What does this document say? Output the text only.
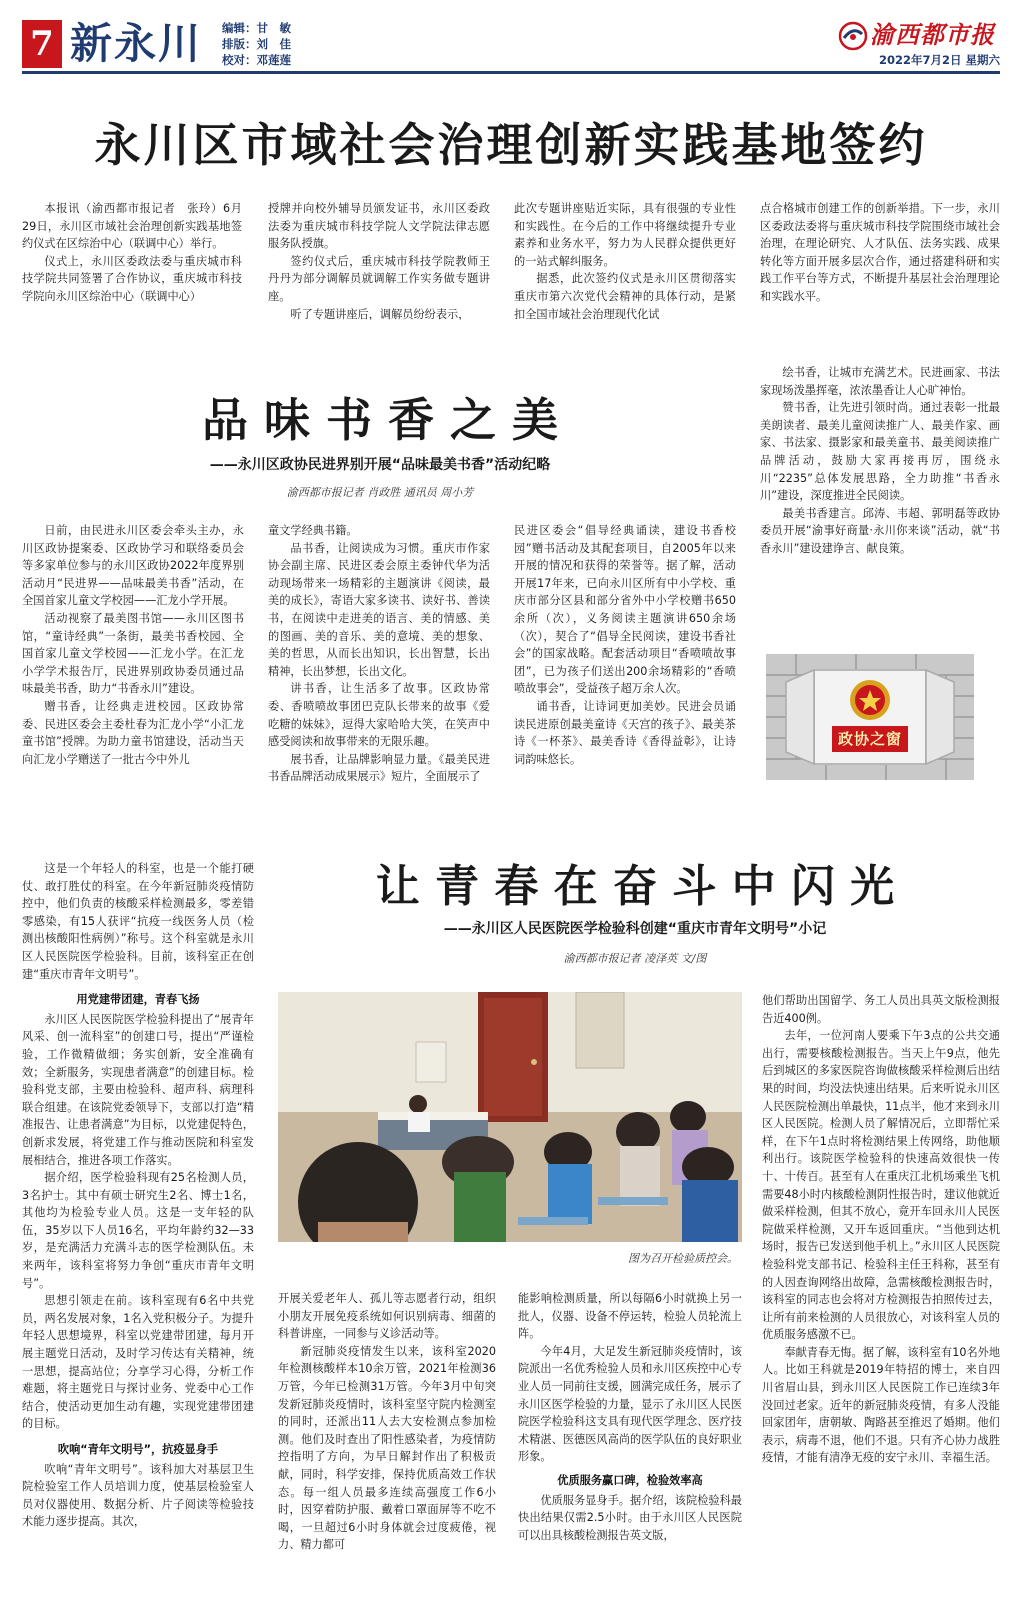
7 新永川 编辑：甘　敏
排版：刘　佳
校对：邓莲莲
渝西都市报
2022年7月2日 星期六
永川区市域社会治理创新实践基地签约

本报讯（渝西都市报记者　张玲）6月29日，永川区市域社会治理创新实践基地签约仪式在区综治中心（联调中心）举行。

仪式上，永川区委政法委与重庆城市科技学院共同签署了合作协议，重庆城市科技学院向永川区综治中心（联调中心）

授牌并向校外辅导员颁发证书，永川区委政法委为重庆城市科技学院人文学院法律志愿服务队授旗。

签约仪式后，重庆城市科技学院教师王丹丹为部分调解员就调解工作实务做专题讲座。

听了专题讲座后，调解员纷纷表示，

此次专题讲座贴近实际，具有很强的专业性和实践性。在今后的工作中将继续提升专业素养和业务水平，努力为人民群众提供更好的一站式解纠服务。

据悉，此次签约仪式是永川区贯彻落实重庆市第六次党代会精神的具体行动，是紧扣全国市域社会治理现代化试

点合格城市创建工作的创新举措。下一步，永川区委政法委将与重庆城市科技学院围绕市域社会治理，在理论研究、人才队伍、法务实践、成果转化等方面开展多层次合作，通过搭建科研和实践工作平台等方式，不断提升基层社会治理理论和实践水平。

品 味 书 香 之 美
——永川区政协民进界别开展“品味最美书香”活动纪略
渝西都市报记者 肖政胜 通讯员 周小芳

日前，由民进永川区委会牵头主办，永川区政协提案委、区政协学习和联络委员会等多家单位参与的永川区政协2022年度界别活动月“民进界——品味最美书香”活动，在全国首家儿童文学校园——汇龙小学开展。

活动视察了最美图书馆——永川区图书馆，“童诗经典”一条街，最美书香校园、全国首家儿童文学校园——汇龙小学。在汇龙小学学术报告厅，民进界别政协委员通过品味最美书香，助力“书香永川”建设。

赠书香，让经典走进校园。区政协常委、民进区委会主委杜春为汇龙小学“小汇龙童书馆”授牌。为助力童书馆建设，活动当天向汇龙小学赠送了一批古今中外儿

童文学经典书籍。

品书香，让阅读成为习惯。重庆市作家协会副主席、民进区委会原主委钟代华为活动现场带来一场精彩的主题演讲《阅读，最美的成长》，寄语大家多读书、读好书、善读书，在阅读中走进美的语言、美的情感、美的图画、美的音乐、美的意境、美的想象、美的哲思，从而长出知识，长出智慧，长出精神，长出梦想，长出文化。

讲书香，让生活多了故事。区政协常委、香喷喷故事团巴克队长带来的故事《爱吃糖的妹妹》，逗得大家哈哈大笑，在笑声中感受阅读和故事带来的无限乐趣。

展书香，让品牌影响显力量。《最美民进书香品牌活动成果展示》短片，全面展示了

民进区委会“倡导经典诵读，建设书香校园”赠书活动及其配套项目，自2005年以来开展的情况和获得的荣誉等。据了解，活动开展17年来，已向永川区所有中小学校、重庆市部分区县和部分省外中小学校赠书650余所（次），义务阅读主题演讲650余场（次），契合了“倡导全民阅读，建设书香社会”的国家战略。配套活动项目“香喷喷故事团”，已为孩子们送出200余场精彩的“香喷喷故事会”，受益孩子超万余人次。

诵书香，让诗词更加美妙。民进会员诵读民进原创最美童诗《天宫的孩子》、最美茶诗《一杯茶》、最美香诗《香得益彰》，让诗词韵味悠长。

绘书香，让城市充满艺术。民进画家、书法家现场泼墨挥毫，浓浓墨香让人心旷神怡。

赞书香，让先进引领时尚。通过表彰一批最美朗读者、最美儿童阅读推广人、最美作家、画家、书法家、摄影家和最美童书、最美阅读推广品牌活动，鼓励大家再接再厉，围绕永川“2235”总体发展思路，全力助推“书香永川”建设，深度推进全民阅读。

最美书香建言。邱涛、韦超、郭明磊等政协委员开展“渝事好商量·永川你来谈”活动，就“书香永川”建设建诤言、献良策。

政协之窗
让 青 春 在 奋 斗 中 闪 光
——永川区人民医院医学检验科创建“重庆市青年文明号”小记
渝西都市报记者 凌泽英 文/图
图为召开检验质控会。

这是一个年轻人的科室，也是一个能打硬仗、敢打胜仗的科室。在今年新冠肺炎疫情防控中，他们负责的核酸采样检测最多，零差错零感染，有15人获评“抗疫一线医务人员（检测出核酸阳性病例）”称号。这个科室就是永川区人民医院医学检验科。目前，该科室正在创建“重庆市青年文明号”。

用党建带团建，青春飞扬

永川区人民医院医学检验科提出了“展青年风采、创一流科室”的创建口号，提出“严谨检验，工作微精做细；务实创新，安全准确有效；全新服务，实现患者满意”的创建目标。检验科党支部，主要由检验科、超声科、病理科联合组建。在该院党委领导下，支部以打造“精准报告、让患者满意”为目标，以党建促特色，创新求发展，将党建工作与推动医院和科室发展相结合，推进各项工作落实。

据介绍，医学检验科现有25名检测人员，3名护士。其中有硕士研究生2名、博士1名，其他均为检验专业人员。这是一支年轻的队伍，35岁以下人员16名，平均年龄约32—33岁，是充满活力充满斗志的医学检测队伍。未来两年，该科室将努力争创“重庆市青年文明号”。

思想引领走在前。该科室现有6名中共党员，两名发展对象，1名入党积极分子。为提升年轻人思想境界，科室以党建带团建，每月开展主题党日活动，及时学习传达有关精神，统一思想，提高站位；分享学习心得，分析工作难题，将主题党日与探讨业务、党委中心工作结合，使活动更加生动有趣，实现党建带团建的目标。

吹响“青年文明号”，抗疫显身手

吹响“青年文明号”。该科加大对基层卫生院检验室工作人员培训力度，使基层检验室人员对仪器使用、数据分析、片子阅读等检验技术能力逐步提高。其次，

开展关爱老年人、孤儿等志愿者行动，组织小朋友开展免疫系统如何识别病毒、细菌的科普讲座，一同参与义诊活动等。

新冠肺炎疫情发生以来，该科室2020年检测核酸样本10余万管，2021年检测36万管，今年已检测31万管。今年3月中旬突发新冠肺炎疫情时，该科室坚守院内检测室的同时，还派出11人去大安检测点参加检测。他们及时查出了阳性感染者，为疫情防控指明了方向，为早日解封作出了积极贡献，同时，科学安排，保持优质高效工作状态。每一组人员最多连续高强度工作6小时，因穿着防护服、戴着口罩面屏等不吃不喝，一旦超过6小时身体就会过度疲倦，视力、精力都可

能影响检测质量，所以每隔6小时就换上另一批人，仪器、设备不停运转，检验人员轮流上阵。

今年4月，大足发生新冠肺炎疫情时，该院派出一名优秀检验人员和永川区疾控中心专业人员一同前往支援，圆满完成任务，展示了永川区医学检验的力量，显示了永川区人民医院医学检验科这支具有现代医学理念、医疗技术精湛、医德医风高尚的医学队伍的良好职业形象。

优质服务赢口碑，检验效率高

优质服务显身手。据介绍，该院检验科最快出结果仅需2.5小时。由于永川区人民医院可以出具核酸检测报告英文版，

他们帮助出国留学、务工人员出具英文版检测报告近400例。

去年，一位河南人要乘下午3点的公共交通出行，需要核酸检测报告。当天上午9点，他先后到城区的多家医院咨询做核酸采样检测后出结果的时间，均没法快速出结果。后来听说永川区人民医院检测出单最快，11点半，他才来到永川区人民医院。检测人员了解情况后，立即帮忙采样，在下午1点时将检测结果上传网络，助他顺利出行。该院医学检验科的快速高效很快一传十、十传百。甚至有人在重庆江北机场乘坐飞机需要48小时内核酸检测阴性报告时，建议他就近做采样检测，但其不放心，竟开车回永川人民医院做采样检测，又开车返回重庆。“当他到达机场时，报告已发送到他手机上。”永川区人民医院检验科党支部书记、检验科主任王科称，甚至有的人因查询网络出故障，急需核酸检测报告时，该科室的同志也会将对方检测报告拍照传过去，让所有前来检测的人员很放心，对该科室人员的优质服务感激不已。

奉献青春无悔。据了解，该科室有10名外地人。比如王科就是2019年特招的博士，来自四川省眉山县，到永川区人民医院工作已连续3年没回过老家。近年的新冠肺炎疫情，有多人没能回家团年，唐朝敏、陶路甚至推迟了婚期。他们表示，病毒不退，他们不退。只有齐心协力战胜疫情，才能有清净无疫的安宁永川、幸福生活。
